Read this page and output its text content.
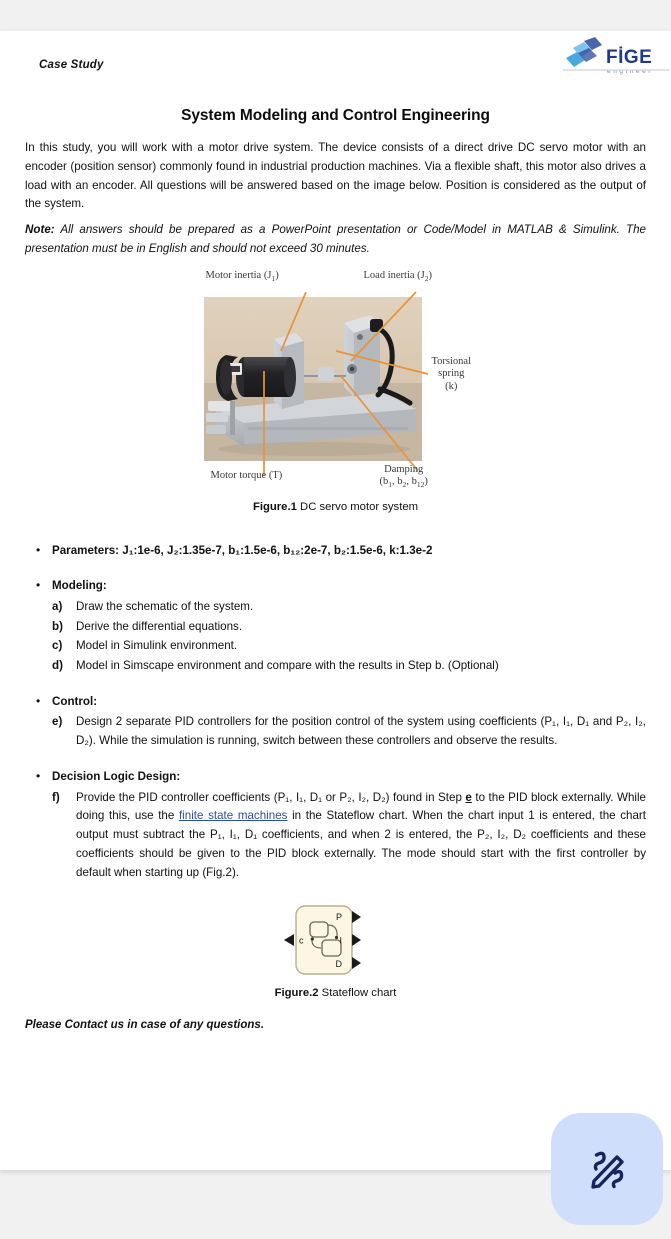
Case Study	FİGE
engineer
System Modeling and Control Engineering

In this study, you will work with a motor drive system. The device consists of a direct drive DC servo motor with an encoder (position sensor) commonly found in industrial production machines. Via a flexible shaft, this motor also drives a load with an encoder. All questions will be answered based on the image below. Position is considered as the output of the system.

Note: All answers should be prepared as a PowerPoint presentation or Code/Model in MATLAB & Simulink. The presentation must be in English and should not exceed 30 minutes.

Motor inertia $(J_1)$	Load inertia $(J_2)$
Torsional
spring
(k)
Motor torque (T)
Damping
($b_1$, $b_2$, $b_{12}$)
Figure.1 DC servo motor system
• Parameters: J₁:1e-6, J₂:1.35e-7, b₁:1.5e-6, b₁₂:2e-7, b₂:1.5e-6, k:1.3e-2
• Modeling:
a) Draw the schematic of the system.
b) Derive the differential equations.
c) Model in Simulink environment.
d) Model in Simscape environment and compare with the results in Step b. (Optional)
• Control:
e) Design 2 separate PID controllers for the position control of the system using coefficients (P₁, I₁, D₁ and P₂, I₂, D₂). While the simulation is running, switch between these controllers and observe the results.
• Decision Logic Design:
f) Provide the PID controller coefficients (P₁, I₁, D₁ or P₂, I₂, D₂) found in Step e to the PID block externally. While doing this, use the finite state machines in the Stateflow chart. When the chart input 1 is entered, the chart output must subtract the P₁, I₁, D₁ coefficients, and when 2 is entered, the P₂, I₂, D₂ coefficients and these coefficients should be given to the PID block externally. The mode should start with the first controller by default when starting up (Fig.2).
c
P
I
D
Figure.2 Stateflow chart
Please Contact us in case of any questions.
